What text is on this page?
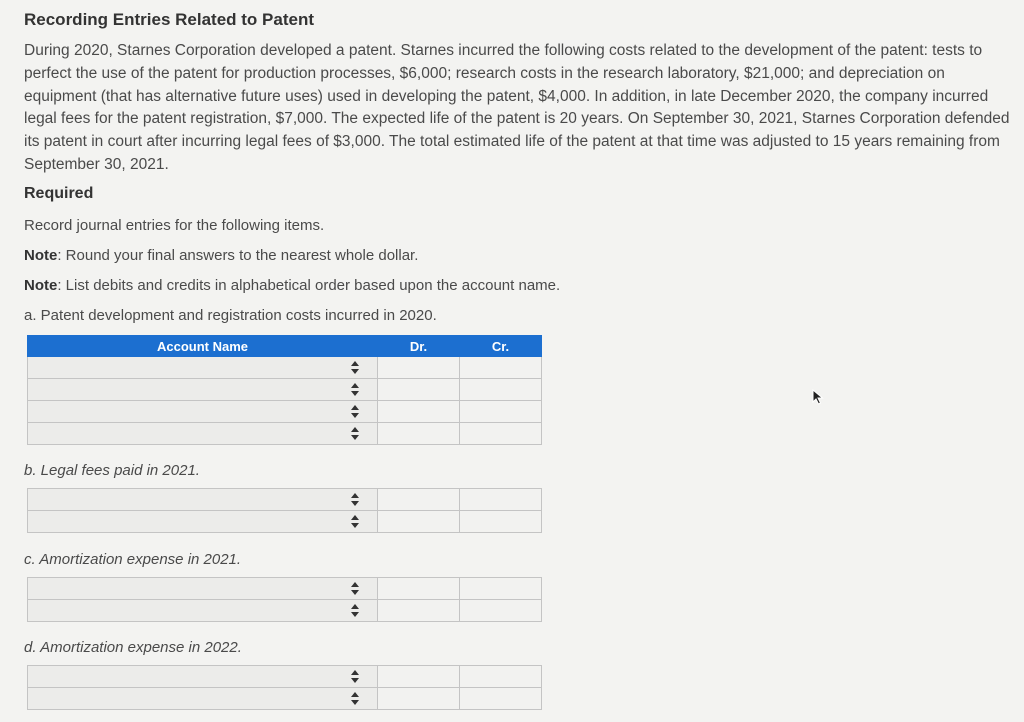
Recording Entries Related to Patent
During 2020, Starnes Corporation developed a patent. Starnes incurred the following costs related to the development of the patent: tests to perfect the use of the patent for production processes, $6,000; research costs in the research laboratory, $21,000; and depreciation on equipment (that has alternative future uses) used in developing the patent, $4,000. In addition, in late December 2020, the company incurred legal fees for the patent registration, $7,000. The expected life of the patent is 20 years. On September 30, 2021, Starnes Corporation defended its patent in court after incurring legal fees of $3,000. The total estimated life of the patent at that time was adjusted to 15 years remaining from September 30, 2021.
Required
Record journal entries for the following items.
Note: Round your final answers to the nearest whole dollar.
Note: List debits and credits in alphabetical order based upon the account name.
a. Patent development and registration costs incurred in 2020.
Account Name	Dr.	Cr.

b. Legal fees paid in 2021.

c. Amortization expense in 2021.

d. Amortization expense in 2022.
